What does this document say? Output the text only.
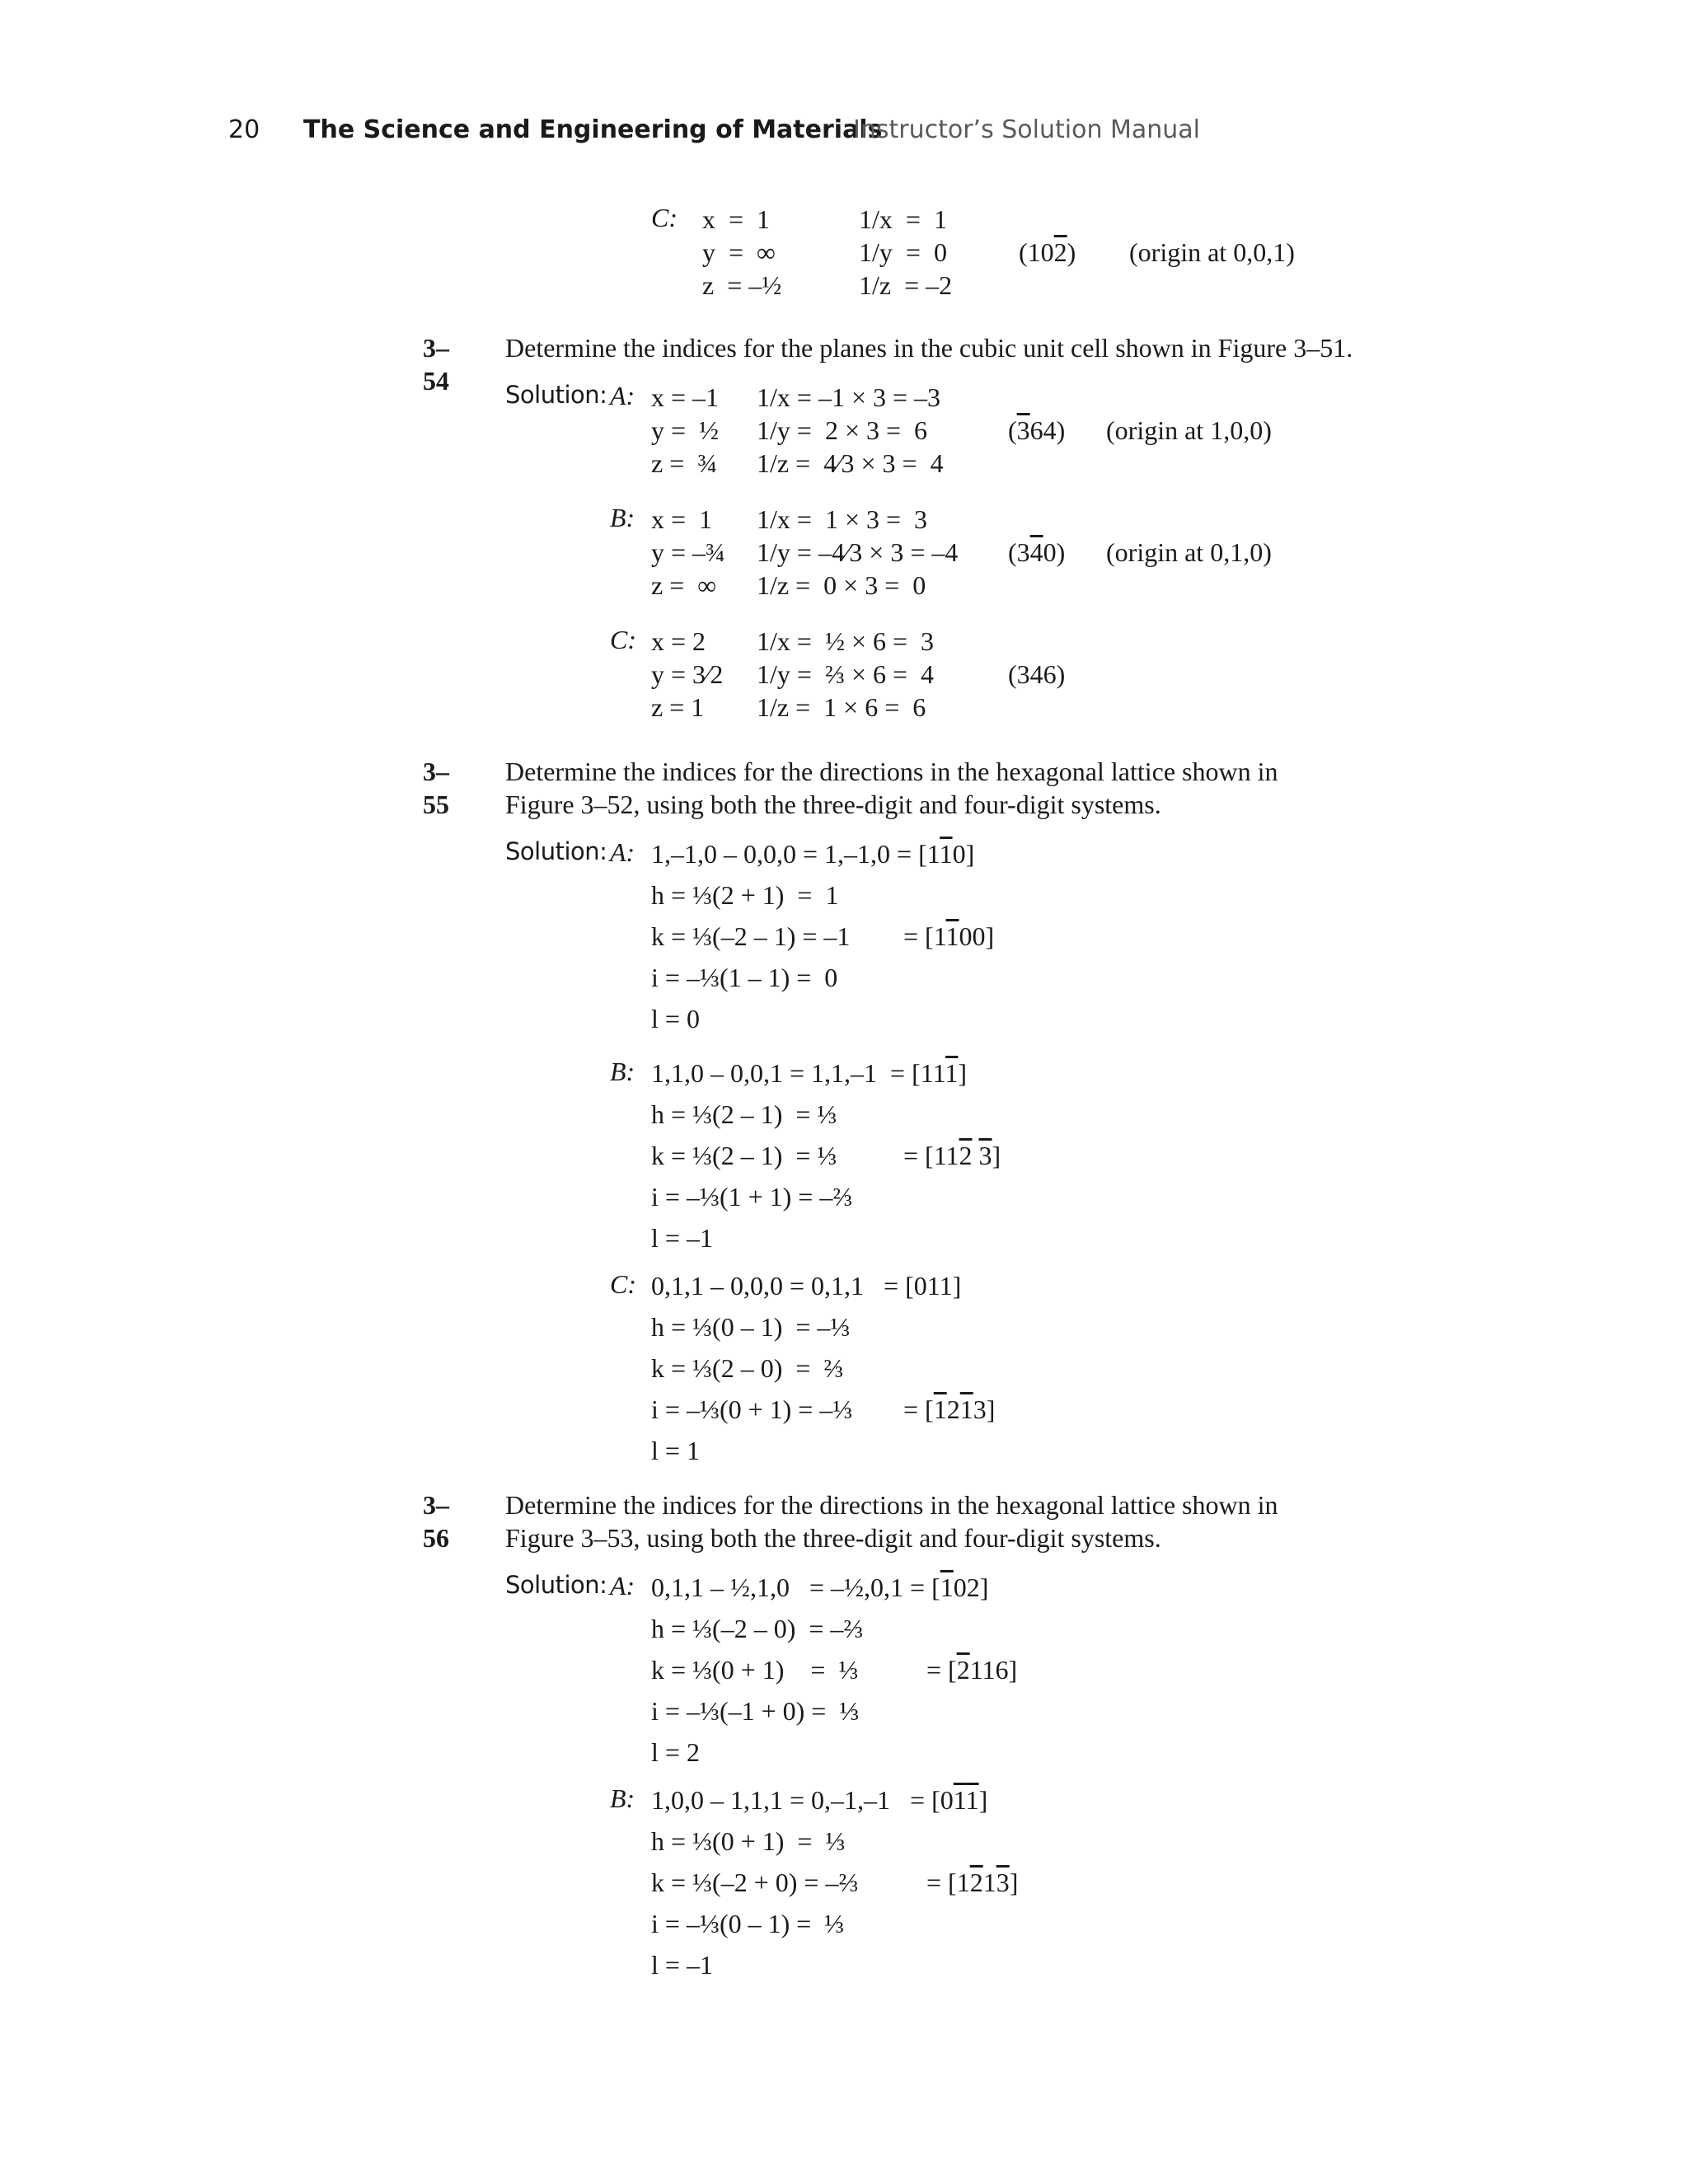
20 The Science and Engineering of Materials
Instructor’s Solution Manual
C: x  =  1	1/x  =  1
y  =  ∞	1/y  =  0	(102) (origin at 0,0,1)
z  = –½	1/z  = –2
3–54
Determine the indices for the planes in the cubic unit cell shown in Figure 3–51.
Solution: A: x = –1 1/x = –1 × 3 = –3
y =  ½ 1/y =  2 × 3 =  6	(364) (origin at 1,0,0)
z =  ¾ 1/z =  4⁄3 × 3 =  4
B: x =  1 1/x =  1 × 3 =  3
y = –¾ 1/y = –4⁄3 × 3 = –4 (340) (origin at 0,1,0)
z =  ∞ 1/z =  0 × 3 =  0
C: x = 2 1/x =  ½ × 6 =  3
y = 3⁄2 1/y =  ⅔ × 6 =  4	(346)
z = 1 1/z =  1 × 6 =  6
3–55
Determine the indices for the directions in the hexagonal lattice shown in
Figure 3–52, using both the three-digit and four-digit systems.
Solution: A: 1,–1,0 – 0,0,0 = 1,–1,0 = [110]
h = ⅓(2 + 1)  =  1
k = ⅓(–2 – 1) = –1 = [1100]
i = –⅓(1 – 1) =  0
l = 0
B: 1,1,0 – 0,0,1 = 1,1,–1  = [111]
h = ⅓(2 – 1)  = ⅓
k = ⅓(2 – 1)  = ⅓	= [112 3]
i = –⅓(1 + 1) = –⅔
l = –1
C: 0,1,1 – 0,0,0 = 0,1,1   = [011]
h = ⅓(0 – 1)  = –⅓
k = ⅓(2 – 0)  =  ⅔
i = –⅓(0 + 1) = –⅓ = [1213]
l = 1
3–56
Determine the indices for the directions in the hexagonal lattice shown in
Figure 3–53, using both the three-digit and four-digit systems.
Solution: A: 0,1,1 – ½,1,0   = –½,0,1 = [102]
h = ⅓(–2 – 0)  = –⅔
k = ⅓(0 + 1)    =  ⅓	= [2116]
i = –⅓(–1 + 0) =  ⅓
l = 2
B: 1,0,0 – 1,1,1 = 0,–1,–1   = [011]
h = ⅓(0 + 1)  =  ⅓
k = ⅓(–2 + 0) = –⅔	= [1213]
i = –⅓(0 – 1) =  ⅓
l = –1
